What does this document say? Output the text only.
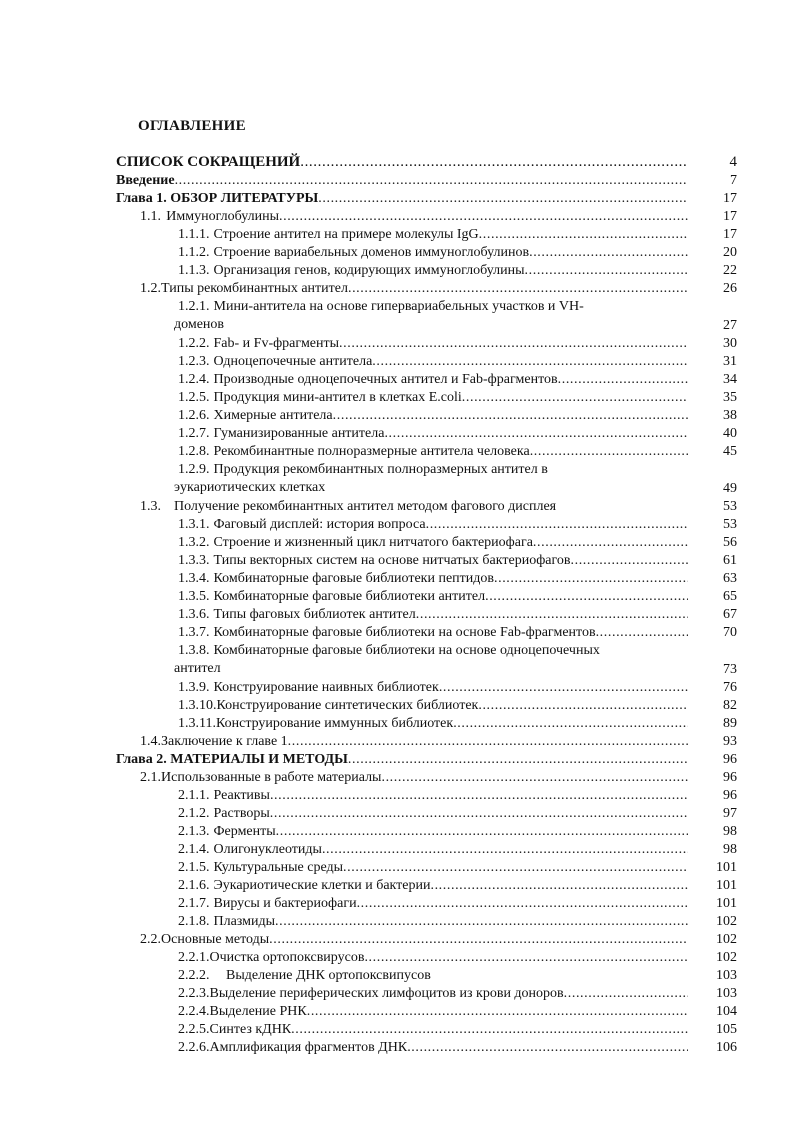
ОГЛАВЛЕНИЕ
СПИСОК СОКРАЩЕНИЙ .....	4
Введение .....	7
Глава 1. ОБЗОР ЛИТЕРАТУРЫ .....	17
1.1. Иммуноглобулины .....	17
1.1.1. Строение антител на примере молекулы IgG .....	17
1.1.2. Строение вариабельных доменов иммуноглобулинов .....	20
1.1.3. Организация генов, кодирующих иммуноглобулины .....	22
1.2. Типы рекомбинантных антител .....	26
1.2.1. Мини-антитела на основе гипервариабельных участков и VH-
доменов	27
1.2.2. Fab- и Fv-фрагменты .....	30
1.2.3. Одноцепочечные антитела .....	31
1.2.4. Производные одноцепочечных антител и Fab-фрагментов .....	34
1.2.5. Продукция мини-антител в клетках E.coli .....	35
1.2.6. Химерные антитела .....	38
1.2.7. Гуманизированные антитела .....	40
1.2.8. Рекомбинантные полноразмерные антитела человека .....	45
1.2.9. Продукция рекомбинантных полноразмерных антител в
эукариотических клетках	49
1.3. Получение рекомбинантных антител методом фагового дисплея	53
1.3.1. Фаговый дисплей: история вопроса .....	53
1.3.2. Строение и жизненный цикл нитчатого бактериофага .....	56
1.3.3. Типы векторных систем на основе нитчатых бактериофагов .....	61
1.3.4. Комбинаторные фаговые библиотеки пептидов .....	63
1.3.5. Комбинаторные фаговые библиотеки антител .....	65
1.3.6. Типы фаговых библиотек антител .....	67
1.3.7. Комбинаторные фаговые библиотеки на основе Fab-фрагментов .....	70
1.3.8. Комбинаторные фаговые библиотеки на основе одноцепочечных
антител	73
1.3.9. Конструирование наивных библиотек .....	76
1.3.10. Конструирование синтетических библиотек .....	82
1.3.11. Конструирование иммунных библиотек .....	89
1.4. Заключение к главе 1 .....	93
Глава 2. МАТЕРИАЛЫ И МЕТОДЫ .....	96
2.1. Использованные в работе материалы .....	96
2.1.1. Реактивы .....	96
2.1.2. Растворы .....	97
2.1.3. Ферменты .....	98
2.1.4. Олигонуклеотиды .....	98
2.1.5. Культуральные среды .....	101
2.1.6. Эукариотические клетки и бактерии .....	101
2.1.7. Вирусы и бактериофаги .....	101
2.1.8. Плазмиды .....	102
2.2. Основные методы .....	102
2.2.1. Очистка ортопоксвирусов .....	102
2.2.2.	Выделение ДНК ортопоксвипусов	103
2.2.3. Выделение периферических лимфоцитов из крови доноров .....	103
2.2.4. Выделение РНК .....	104
2.2.5. Синтез кДНК .....	105
2.2.6. Амплификация фрагментов ДНК .....	106
